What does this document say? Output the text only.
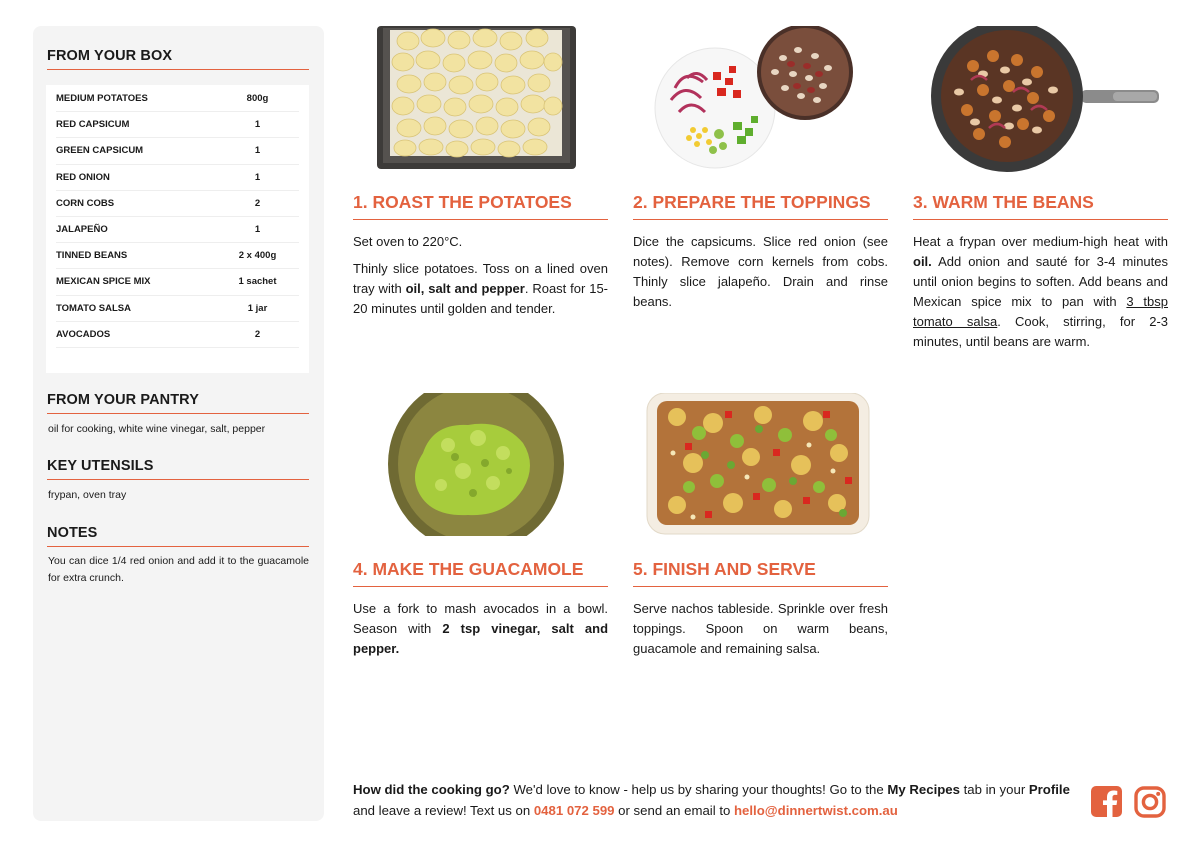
FROM YOUR BOX
MEDIUM POTATOES	800g
RED CAPSICUM	1
GREEN CAPSICUM	1
RED ONION	1
CORN COBS	2
JALAPEÑO	1
TINNED BEANS	2 x 400g
MEXICAN SPICE MIX	1 sachet
TOMATO SALSA	1 jar
AVOCADOS	2
FROM YOUR PANTRY
oil for cooking, white wine vinegar, salt, pepper
KEY UTENSILS
frypan, oven tray
NOTES
You can dice 1/4 red onion and add it to the guacamole for extra crunch.
1. ROAST THE POTATOES

Set oven to 220°C.

Thinly slice potatoes. Toss on a lined oven tray with oil, salt and pepper. Roast for 15-20 minutes until golden and tender.

2. PREPARE THE TOPPINGS

Dice the capsicums. Slice red onion (see notes). Remove corn kernels from cobs. Thinly slice jalapeño. Drain and rinse beans.

3. WARM THE BEANS

Heat a frypan over medium-high heat with oil. Add onion and sauté for 3-4 minutes until onion begins to soften. Add beans and Mexican spice mix to pan with 3 tbsp tomato salsa. Cook, stirring, for 2-3 minutes, until beans are warm.

4. MAKE THE GUACAMOLE

Use a fork to mash avocados in a bowl. Season with 2 tsp vinegar, salt and pepper.

5. FINISH AND SERVE

Serve nachos tableside. Sprinkle over fresh toppings. Spoon on warm beans, guacamole and remaining salsa.

How did the cooking go? We'd love to know - help us by sharing your thoughts! Go to the My Recipes tab in your Profile and leave a review! Text us on 0481 072 599 or send an email to hello@dinnertwist.com.au
